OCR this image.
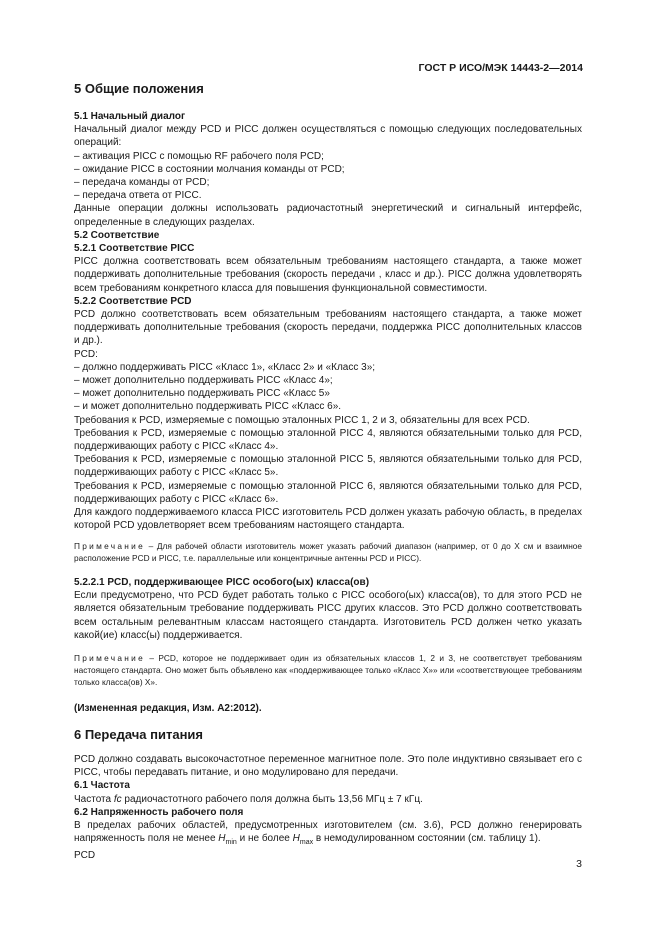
ГОСТ Р ИСО/МЭК 14443-2—2014

5 Общие положения

5.1 Начальный диалог

Начальный диалог между PCD и PICC должен осуществляться с помощью следующих последовательных операций:

– активация PICC с помощью RF рабочего поля PCD;
– ожидание PICC в состоянии молчания команды от PCD;
– передача команды от PCD;
– передача ответа от PICC.

Данные операции должны использовать радиочастотный энергетический и сигнальный интерфейс, определенные в следующих разделах.

5.2 Соответствие

5.2.1 Соответствие PICC

PICC должна соответствовать всем обязательным требованиям настоящего стандарта, а также может поддерживать дополнительные требования (скорость передачи , класс и др.). PICC должна удовлетворять всем требованиям конкретного класса для повышения функциональной совместимости.

5.2.2 Соответствие PCD

PCD должно соответствовать всем обязательным требованиям настоящего стандарта, а также может поддерживать дополнительные требования (скорость передачи, поддержка PICC дополнительных классов и др.).

PCD:

– должно поддерживать PICC «Класс 1», «Класс 2» и «Класс 3»;
– может дополнительно поддерживать PICC «Класс 4»;
– может дополнительно поддерживать PICC «Класс 5»
– и может дополнительно поддерживать PICC «Класс 6».

Требования к PCD, измеряемые с помощью эталонных PICC 1, 2 и 3, обязательны для всех PCD.

Требования к PCD, измеряемые с помощью эталонной PICC 4, являются обязательными только для PCD, поддерживающих работу с PICC «Класс 4».

Требования к PCD, измеряемые с помощью эталонной PICC 5, являются обязательными только для PCD, поддерживающих работу с PICC «Класс 5».

Требования к PCD, измеряемые с помощью эталонной PICC 6, являются обязательными только для PCD, поддерживающих работу с PICC «Класс 6».

Для каждого поддерживаемого класса PICC изготовитель PCD должен указать рабочую область, в пределах которой PCD удовлетворяет всем требованиям настоящего стандарта.

Примечание – Для рабочей области изготовитель может указать рабочий диапазон (например, от 0 до X см и взаимное расположение PCD и PICC, т.е. параллельные или концентричные антенны PCD и PICC).

5.2.2.1 PCD, поддерживающее PICC особого(ых) класса(ов)

Если предусмотрено, что PCD будет работать только с PICC особого(ых) класса(ов), то для этого PCD не является обязательным требование поддерживать PICC других классов. Это PCD должно соответствовать всем остальным релевантным классам настоящего стандарта. Изготовитель PCD должен четко указать какой(ие) класс(ы) поддерживается.

Примечание – PCD, которое не поддерживает один из обязательных классов 1, 2 и 3, не соответствует требованиям настоящего стандарта. Оно может быть объявлено как «поддерживающее только «Класс X»» или «соответствующее требованиям только класса(ов) X».

(Измененная редакция, Изм. A2:2012).

6 Передача питания

PCD должно создавать высокочастотное переменное магнитное поле. Это поле индуктивно связывает его с PICC, чтобы передавать питание, и оно модулировано для передачи.

6.1 Частота

Частота fc радиочастотного рабочего поля должна быть 13,56 МГц ± 7 кГц.

6.2 Напряженность рабочего поля

В пределах рабочих областей, предусмотренных изготовителем (см. 3.6), PCD должно генерировать напряженность поля не менее $H_{min}$ и не более $H_{max}$ в немодулированном состоянии (см. таблицу 1).

PCD

3
